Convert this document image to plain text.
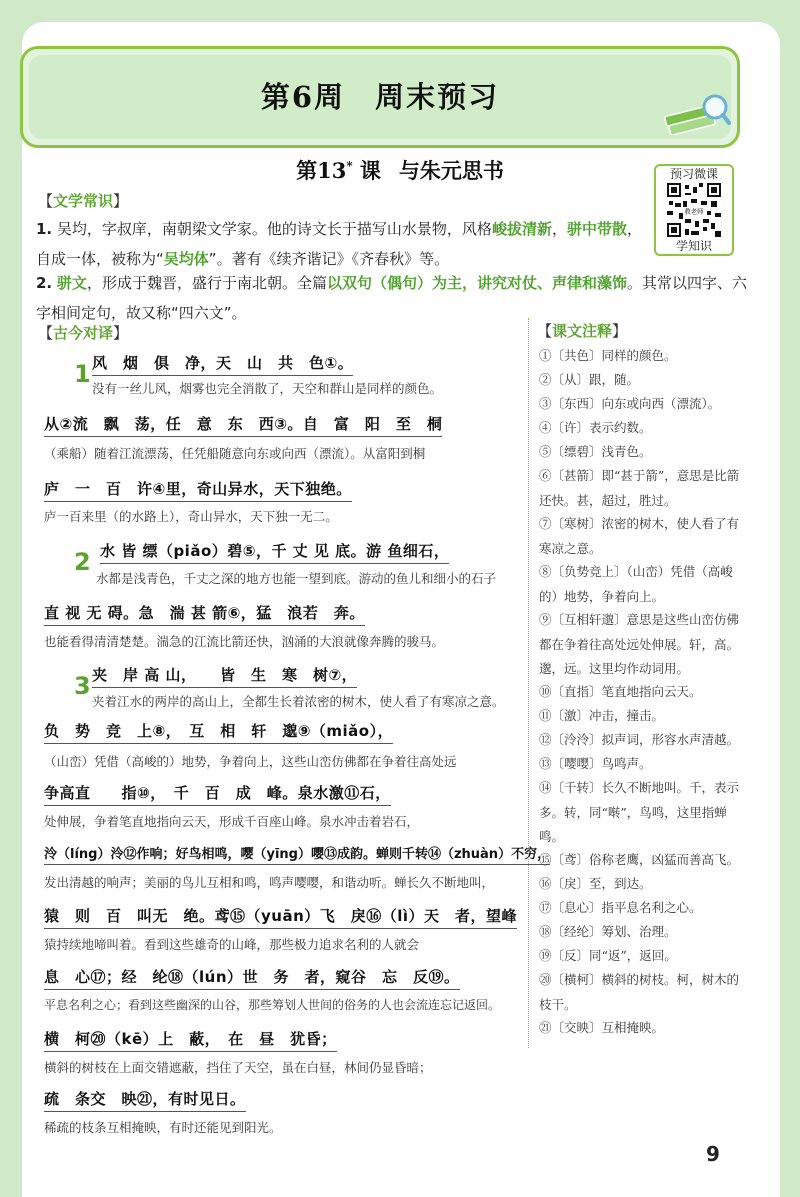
第6周 周末预习
第13* 课 与朱元思书	预习微课
教老师
学知识
【文学常识】
1. 吴均，字叔庠，南朝梁文学家。他的诗文长于描写山水景物，风格峻拔清新，骈中带散，自成一体，被称为“吴均体”。著有《续齐谐记》《齐春秋》等。
2. 骈文，形成于魏晋，盛行于南北朝。全篇以双句（偶句）为主，讲究对仗、声律和藻饰。其常以四字、六字相间定句，故又称“四六文”。
【古今对译】
1
2
3
风　烟　俱　净，天　山　共　色①。
没有一丝儿风，烟雾也完全消散了，天空和群山是同样的颜色。
从②流　飘　荡，任　意　东　西③。自　富　阳　至　桐
（乘船）随着江流漂荡，任凭船随意向东或向西（漂流）。从富阳到桐
庐　一　百　许④里，奇山异水，天下独绝。
庐一百来里（的水路上），奇山异水，天下独一无二。
水 皆 缥（piǎo）碧⑤，千 丈 见 底。游 鱼细石，
水都是浅青色，千丈之深的地方也能一望到底。游动的鱼儿和细小的石子
直 视 无 碍。急　湍 甚 箭⑥，猛　浪若　奔。
也能看得清清楚楚。湍急的江流比箭还快，汹涌的大浪就像奔腾的骏马。
夹　岸 高 山，　　皆　生　寒　树⑦，
夹着江水的两岸的高山上，全都生长着浓密的树木，使人看了有寒凉之意。
负　势　竞　上⑧，　互　相　轩　邈⑨（miǎo），
（山峦）凭借（高峻的）地势，争着向上，这些山峦仿佛都在争着往高处远
争高直　　指⑩，　千　百　成　峰。泉水激⑪石，
处伸展，争着笔直地指向云天，形成千百座山峰。泉水冲击着岩石，
泠（líng）泠⑫作响；好鸟相鸣，嘤（yīng）嘤⑬成韵。蝉则千转⑭（zhuàn）不穷，
发出清越的响声；美丽的鸟儿互相和鸣，鸣声嘤嘤，和谐动听。蝉长久不断地叫，
猿　则　百　叫无　绝。鸢⑮（yuān）飞　戾⑯（lì）天　者，望峰
猿持续地啼叫着。看到这些雄奇的山峰，那些极力追求名利的人就会
息　心⑰；经　纶⑱（lún）世　务　者，窥谷　忘　反⑲。
平息名利之心；看到这些幽深的山谷，那些筹划人世间的俗务的人也会流连忘记返回。
横　柯⑳（kē）上　蔽，　在　昼　犹昏；
横斜的树枝在上面交错遮蔽，挡住了天空，虽在白昼，林间仍显昏暗；
疏　条交　映㉑，有时见日。
稀疏的枝条互相掩映，有时还能见到阳光。
【课文注释】
①〔共色〕同样的颜色。
②〔从〕跟，随。
③〔东西〕向东或向西（漂流）。
④〔许〕表示约数。
⑤〔缥碧〕浅青色。
⑥〔甚箭〕即“甚于箭”，意思是比箭还快。甚，超过，胜过。
⑦〔寒树〕浓密的树木，使人看了有寒凉之意。
⑧〔负势竞上〕（山峦）凭借（高峻的）地势，争着向上。
⑨〔互相轩邈〕意思是这些山峦仿佛都在争着往高处远处伸展。轩，高。邈，远。这里均作动词用。
⑩〔直指〕笔直地指向云天。
⑪〔激〕冲击，撞击。
⑫〔泠泠〕拟声词，形容水声清越。
⑬〔嘤嘤〕鸟鸣声。
⑭〔千转〕长久不断地叫。千，表示多。转，同“啭”，鸟鸣，这里指蝉鸣。
⑮〔鸢〕俗称老鹰，凶猛而善高飞。
⑯〔戾〕至，到达。
⑰〔息心〕指平息名利之心。
⑱〔经纶〕筹划、治理。
⑲〔反〕同“返”，返回。
⑳〔横柯〕横斜的树枝。柯，树木的枝干。
㉑〔交映〕互相掩映。
9
